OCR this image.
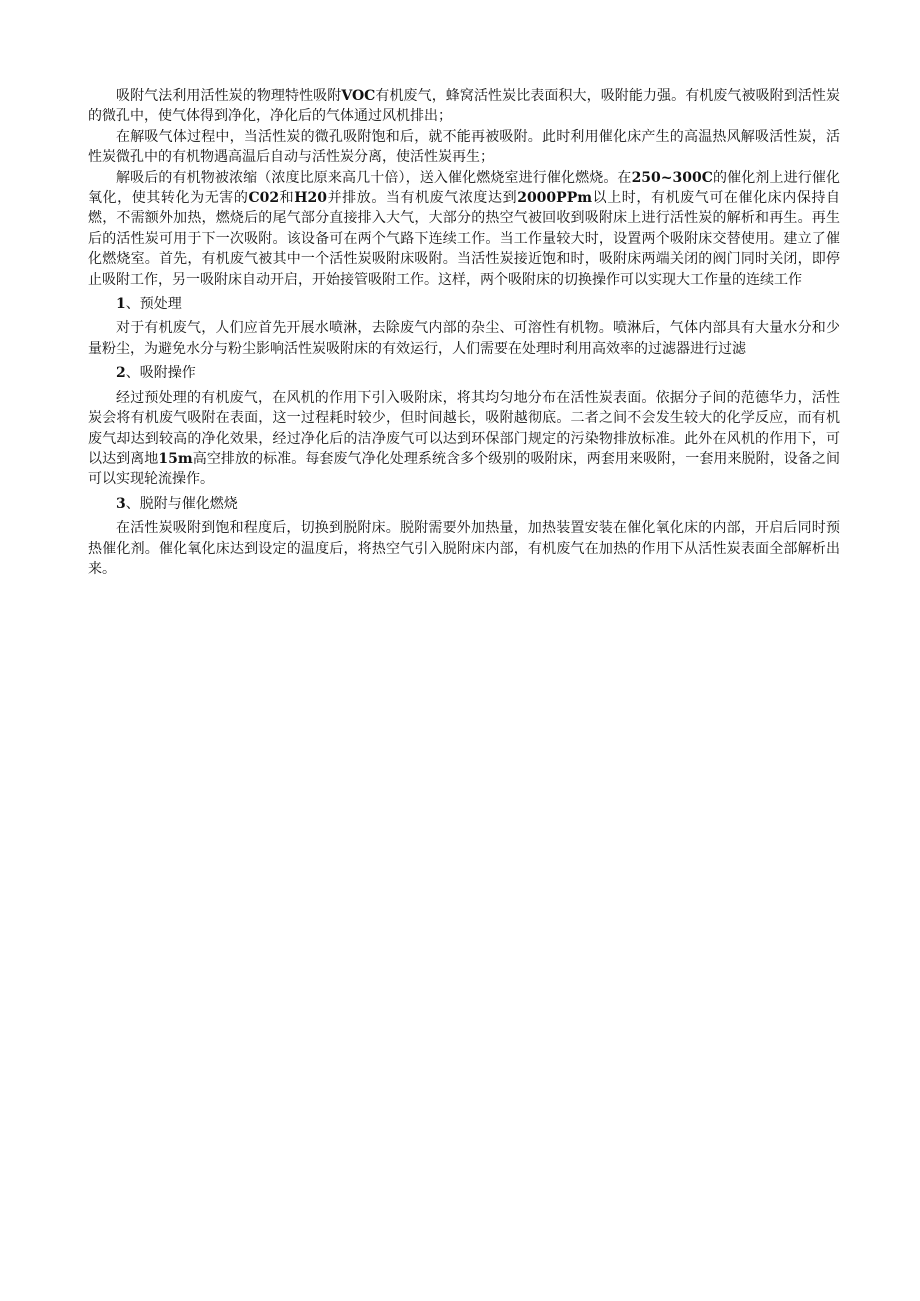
吸附气法利用活性炭的物理特性吸附VOC有机废气，蜂窝活性炭比表面积大，吸附能力强。有机废气被吸附到活性炭的微孔中，使气体得到净化，净化后的气体通过风机排出；

在解吸气体过程中，当活性炭的微孔吸附饱和后，就不能再被吸附。此时利用催化床产生的高温热风解吸活性炭，活性炭微孔中的有机物遇高温后自动与活性炭分离，使活性炭再生；

解吸后的有机物被浓缩（浓度比原来高几十倍），送入催化燃烧室进行催化燃烧。在250~300C的催化剂上进行催化氧化，使其转化为无害的C02和H20并排放。当有机废气浓度达到2000PPm以上时，有机废气可在催化床内保持自燃，不需额外加热，燃烧后的尾气部分直接排入大气，大部分的热空气被回收到吸附床上进行活性炭的解析和再生。再生后的活性炭可用于下一次吸附。该设备可在两个气路下连续工作。当工作量较大时，设置两个吸附床交替使用。建立了催化燃烧室。首先，有机废气被其中一个活性炭吸附床吸附。当活性炭接近饱和时，吸附床两端关闭的阀门同时关闭，即停止吸附工作，另一吸附床自动开启，开始接管吸附工作。这样，两个吸附床的切换操作可以实现大工作量的连续工作

1、预处理

对于有机废气，人们应首先开展水喷淋，去除废气内部的杂尘、可溶性有机物。喷淋后，气体内部具有大量水分和少量粉尘，为避免水分与粉尘影响活性炭吸附床的有效运行，人们需要在处理时利用高效率的过滤器进行过滤

2、吸附操作

经过预处理的有机废气，在风机的作用下引入吸附床，将其均匀地分布在活性炭表面。依据分子间的范德华力，活性炭会将有机废气吸附在表面，这一过程耗时较少，但时间越长，吸附越彻底。二者之间不会发生较大的化学反应，而有机废气却达到较高的净化效果，经过净化后的洁净废气可以达到环保部门规定的污染物排放标准。此外在风机的作用下，可以达到离地15m高空排放的标准。每套废气净化处理系统含多个级别的吸附床，两套用来吸附，一套用来脱附，设备之间可以实现轮流操作。

3、脱附与催化燃烧

在活性炭吸附到饱和程度后，切换到脱附床。脱附需要外加热量，加热装置安装在催化氧化床的内部，开启后同时预热催化剂。催化氧化床达到设定的温度后，将热空气引入脱附床内部，有机废气在加热的作用下从活性炭表面全部解析出来。
